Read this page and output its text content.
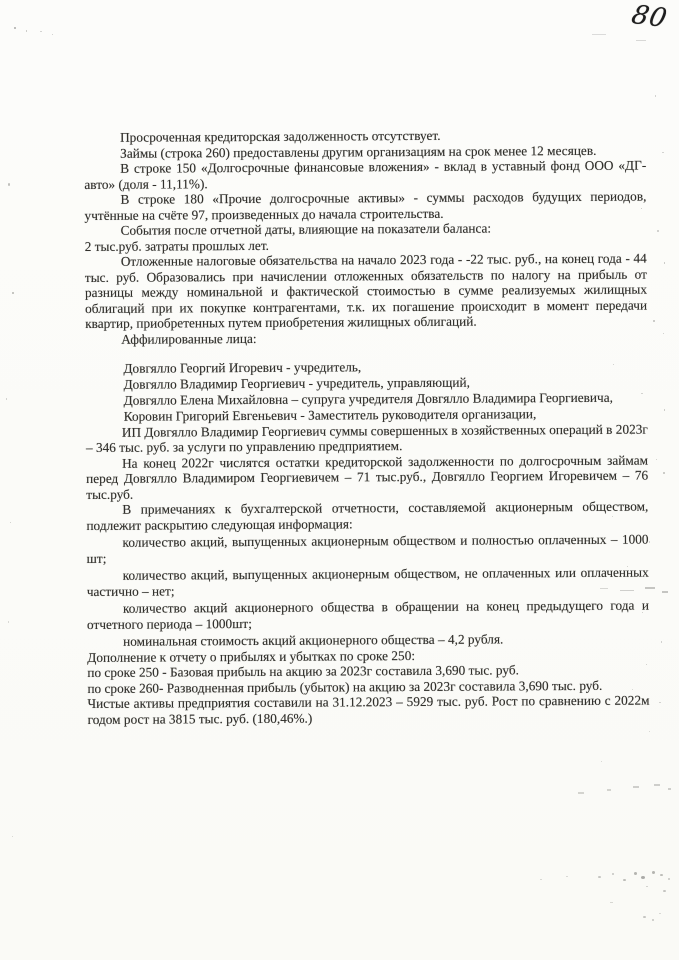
80

Просроченная кредиторская задолженность отсутствует.

Займы (строка 260) предоставлены другим организациям на срок менее 12 месяцев.

В строке 150 «Долгосрочные финансовые вложения» - вклад в уставный фонд ООО «ДГ-авто» (доля - 11,11%).

В строке 180 «Прочие долгосрочные активы» - суммы расходов будущих периодов, учтённые на счёте 97, произведенных до начала строительства.

События после отчетной даты, влияющие на показатели баланса:

2 тыс.руб. затраты прошлых лет.

Отложенные налоговые обязательства на начало 2023 года - -22 тыс. руб., на конец года - 44 тыс. руб. Образовались при начислении отложенных обязательств по налогу на прибыль от разницы между номинальной и фактической стоимостью в сумме реализуемых жилищных облигаций при их покупке контрагентами, т.к. их погашение происходит в момент передачи квартир, приобретенных путем приобретения жилищных облигаций.

Аффилированные лица:

Довгялло Георгий Игоревич - учредитель,

Довгялло Владимир Георгиевич - учредитель, управляющий,

Довгялло Елена Михайловна – супруга учредителя Довгялло Владимира Георгиевича,

Коровин Григорий Евгеньевич - Заместитель руководителя организации,

ИП Довгялло Владимир Георгиевич суммы совершенных в хозяйственных операций в 2023г – 346 тыс. руб. за услуги по управлению предприятием.

На конец 2022г числятся остатки кредиторской задолженности по долгосрочным займам перед Довгялло Владимиром Георгиевичем – 71 тыс.руб., Довгялло Георгием Игоревичем – 76 тыс.руб.

В примечаниях к бухгалтерской отчетности, составляемой акционерным обществом, подлежит раскрытию следующая информация:

количество акций, выпущенных акционерным обществом и полностью оплаченных – 1000 шт;

количество акций, выпущенных акционерным обществом, не оплаченных или оплаченных частично – нет;

количество акций акционерного общества в обращении на конец предыдущего года и отчетного периода – 1000шт;

номинальная стоимость акций акционерного общества – 4,2 рубля.

Дополнение к отчету о прибылях и убытках по сроке 250:

по сроке 250 - Базовая прибыль на акцию за 2023г составила 3,690 тыс. руб.

по сроке 260- Разводненная прибыль (убыток) на акцию за 2023г составила 3,690 тыс. руб.

Чистые активы предприятия составили на 31.12.2023 – 5929 тыс. руб. Рост по сравнению с 2022м годом рост на 3815 тыс. руб. (180,46%.)
